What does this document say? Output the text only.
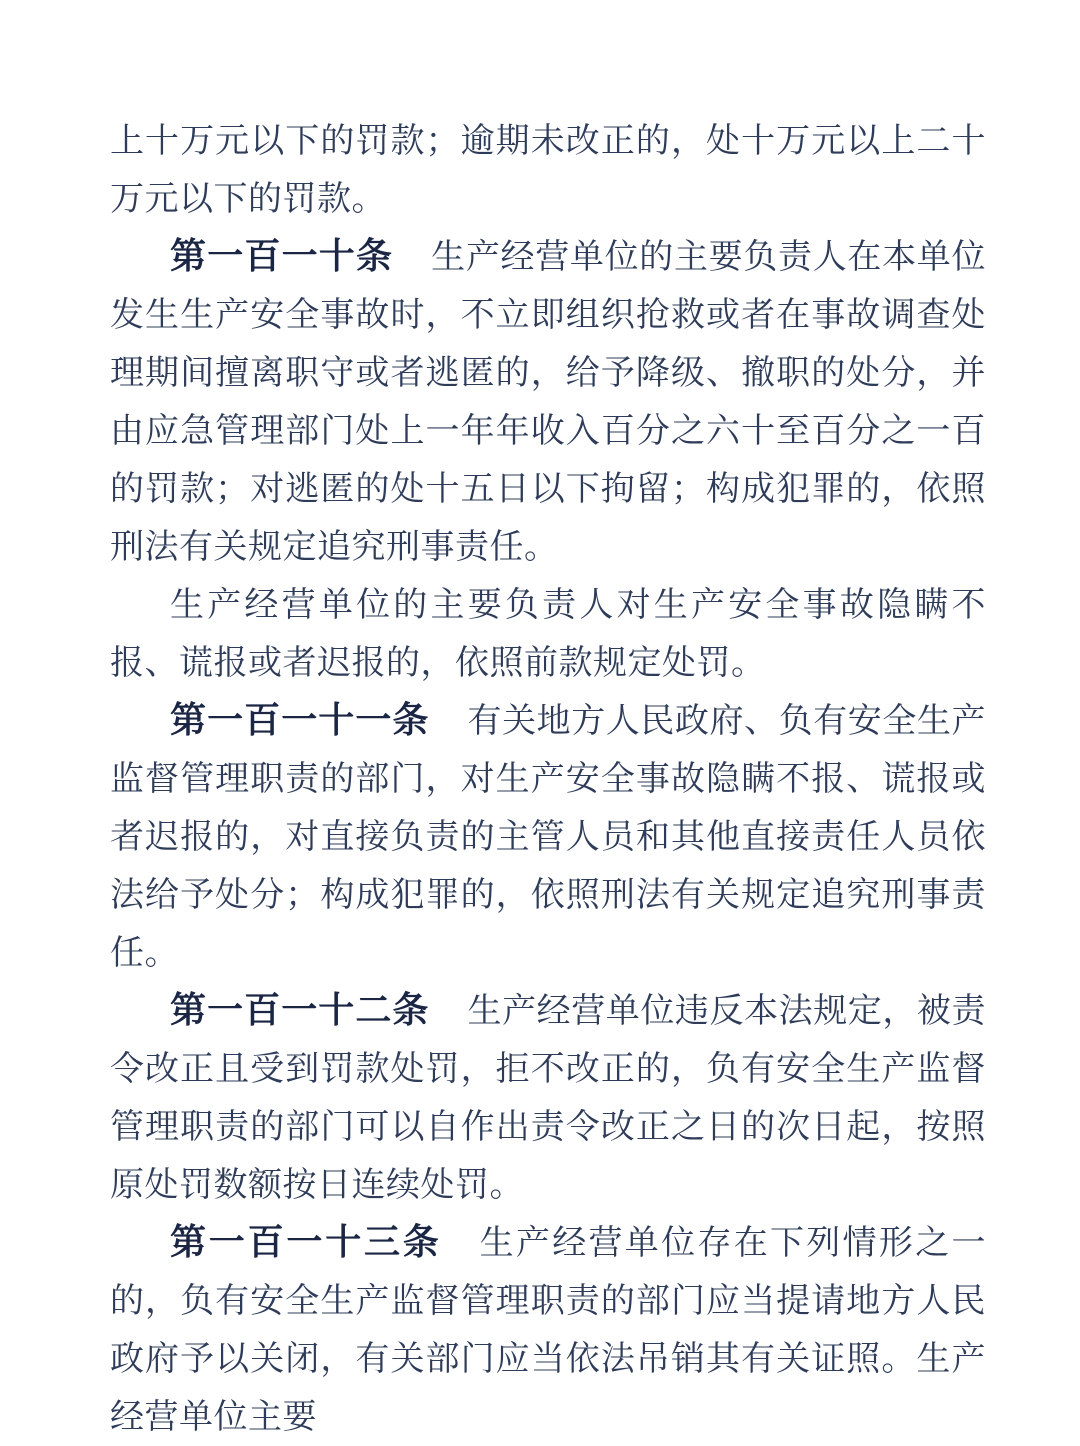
上十万元以下的罚款；逾期未改正的，处十万元以上二十万元以下的罚款。
第一百一十条 生产经营单位的主要负责人在本单位发生生产安全事故时，不立即组织抢救或者在事故调查处理期间擅离职守或者逃匿的，给予降级、撤职的处分，并由应急管理部门处上一年年收入百分之六十至百分之一百的罚款；对逃匿的处十五日以下拘留；构成犯罪的，依照刑法有关规定追究刑事责任。
生产经营单位的主要负责人对生产安全事故隐瞒不报、谎报或者迟报的，依照前款规定处罚。
第一百一十一条 有关地方人民政府、负有安全生产监督管理职责的部门，对生产安全事故隐瞒不报、谎报或者迟报的，对直接负责的主管人员和其他直接责任人员依法给予处分；构成犯罪的，依照刑法有关规定追究刑事责任。
第一百一十二条 生产经营单位违反本法规定，被责令改正且受到罚款处罚，拒不改正的，负有安全生产监督管理职责的部门可以自作出责令改正之日的次日起，按照原处罚数额按日连续处罚。
第一百一十三条 生产经营单位存在下列情形之一的，负有安全生产监督管理职责的部门应当提请地方人民政府予以关闭，有关部门应当依法吊销其有关证照。生产经营单位主要
